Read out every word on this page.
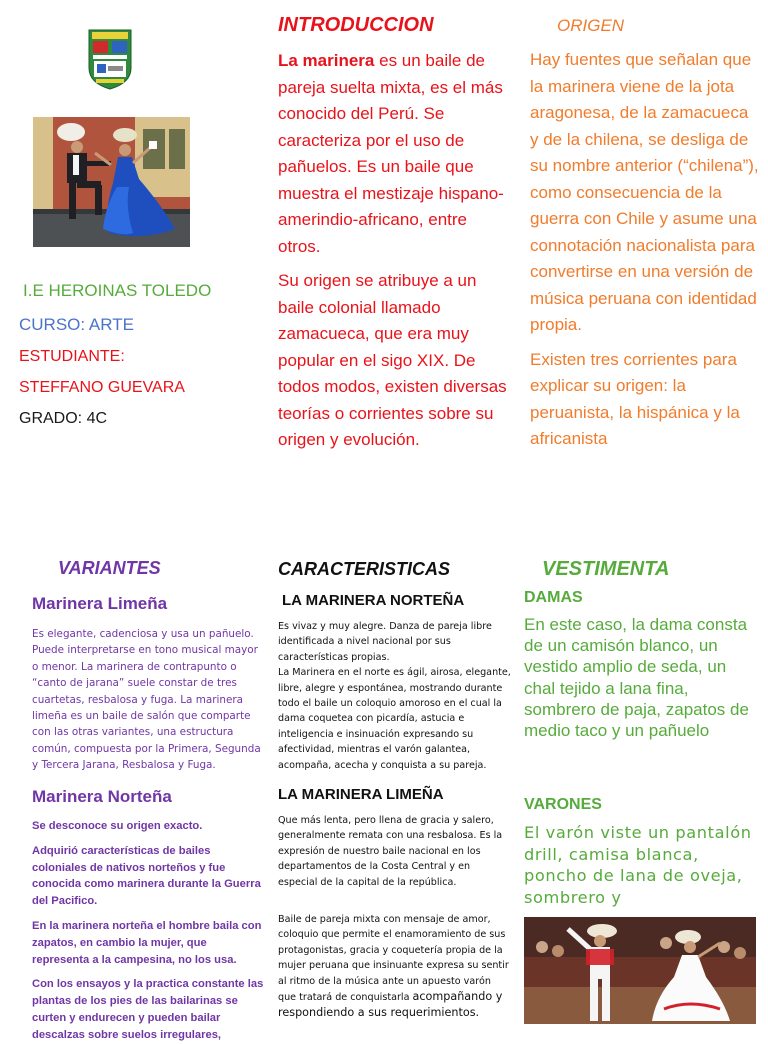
I.E HEROINAS TOLEDO
CURSO: ARTE
ESTUDIANTE:
STEFFANO GUEVARA
GRADO: 4C
INTRODUCCION

La marinera es un baile de pareja suelta mixta, es el más conocido del Perú. Se caracteriza por el uso de pañuelos. Es un baile que muestra el mestizaje hispano-amerindio-africano, entre otros.

Su origen se atribuye a un baile colonial llamado zamacueca, que era muy popular en el sigo XIX. De todos modos, existen diversas teorías o corrientes sobre su origen y evolución.

ORIGEN

Hay fuentes que señalan que la marinera viene de la jota aragonesa, de la zamacueca y de la chilena, se desliga de su nombre anterior (“chilena”), como consecuencia de la guerra con Chile y asume una connotación nacionalista para convertirse en una versión de música peruana con identidad propia.

Existen tres corrientes para explicar su origen: la peruanista, la hispánica y la africanista

VARIANTES
Marinera Limeña
Es elegante, cadenciosa y usa un pañuelo. Puede interpretarse en tono musical mayor o menor. La marinera de contrapunto o “canto de jarana” suele constar de tres cuartetas, resbalosa y fuga. La marinera limeña es un baile de salón que comparte con las otras variantes, una estructura común, compuesta por la Primera, Segunda y Tercera Jarana, Resbalosa y Fuga.
Marinera Norteña

Se desconoce su origen exacto.

Adquirió características de bailes coloniales de nativos norteños y fue conocida como marinera durante la Guerra del Pacifico.

En la marinera norteña el hombre baila con zapatos, en cambio la mujer, que representa a la campesina, no los usa.

Con los ensayos y la practica constante las plantas de los pies de las bailarinas se curten y endurecen y pueden bailar descalzas sobre suelos irregulares,

CARACTERISTICAS
LA MARINERA NORTEÑA

Es vivaz y muy alegre. Danza de pareja libre identificada a nivel nacional por sus características propias.

La Marinera en el norte es ágil, airosa, elegante, libre, alegre y espontánea, mostrando durante todo el baile un coloquio amoroso en el cual la dama coquetea con picardía, astucia e inteligencia e insinuación expresando su afectividad, mientras el varón galantea, acompaña, acecha y conquista a su pareja.

LA MARINERA LIMEÑA
Que más lenta, pero llena de gracia y salero, generalmente remata con una resbalosa. Es la expresión de nuestro baile nacional en los departamentos de la Costa Central y en especial de la capital de la república.
Baile de pareja mixta con mensaje de amor, coloquio que permite el enamoramiento de sus protagonistas, gracia y coquetería propia de la mujer peruana que insinuante expresa su sentir al ritmo de la música ante un apuesto varón que tratará de conquistarla acompañando y respondiendo a sus requerimientos.
VESTIMENTA
DAMAS
En este caso, la dama consta de un camisón blanco, un vestido amplio de seda, un chal tejido a lana fina, sombrero de paja, zapatos de medio taco y un pañuelo
VARONES
El varón viste un pantalón drill, camisa blanca, poncho de lana de oveja, sombrero y
